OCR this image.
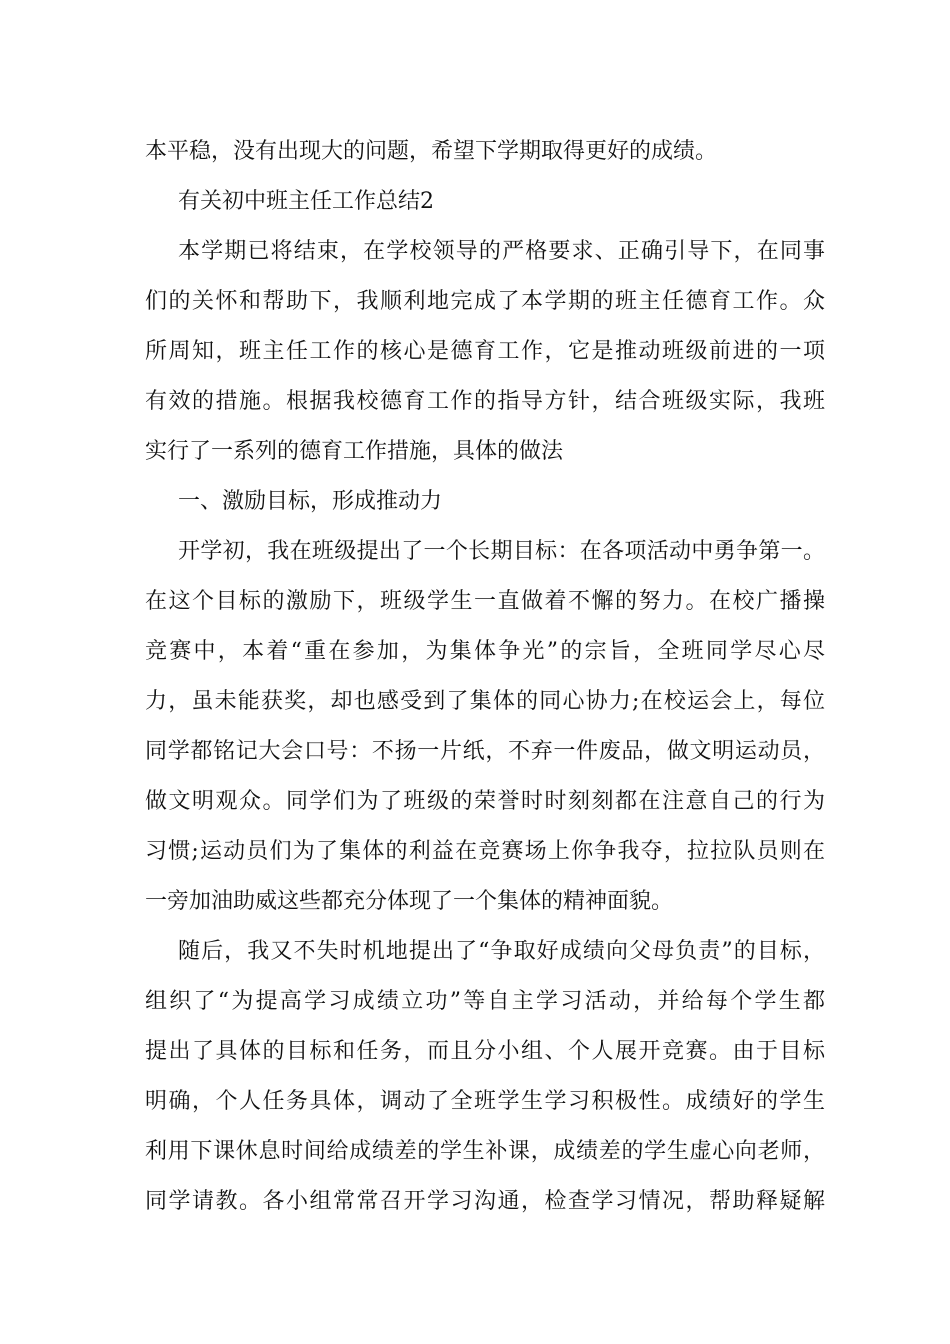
本平稳，没有出现大的问题，希望下学期取得更好的成绩。
有关初中班主任工作总结2
本学期已将结束，在学校领导的严格要求、正确引导下，在同事
们的关怀和帮助下，我顺利地完成了本学期的班主任德育工作。众
所周知，班主任工作的核心是德育工作，它是推动班级前进的一项
有效的措施。根据我校德育工作的指导方针，结合班级实际，我班
实行了一系列的德育工作措施，具体的做法
一、激励目标，形成推动力
开学初，我在班级提出了一个长期目标：在各项活动中勇争第一。
在这个目标的激励下，班级学生一直做着不懈的努力。在校广播操
竞赛中，本着“重在参加，为集体争光”的宗旨，全班同学尽心尽
力，虽未能获奖，却也感受到了集体的同心协力;在校运会上，每位
同学都铭记大会口号：不扬一片纸，不弃一件废品，做文明运动员，
做文明观众。同学们为了班级的荣誉时时刻刻都在注意自己的行为
习惯;运动员们为了集体的利益在竞赛场上你争我夺，拉拉队员则在
一旁加油助威这些都充分体现了一个集体的精神面貌。
随后，我又不失时机地提出了“争取好成绩向父母负责”的目标，
组织了“为提高学习成绩立功”等自主学习活动，并给每个学生都
提出了具体的目标和任务，而且分小组、个人展开竞赛。由于目标
明确，个人任务具体，调动了全班学生学习积极性。成绩好的学生
利用下课休息时间给成绩差的学生补课，成绩差的学生虚心向老师，
同学请教。各小组常常召开学习沟通，检查学习情况，帮助释疑解
